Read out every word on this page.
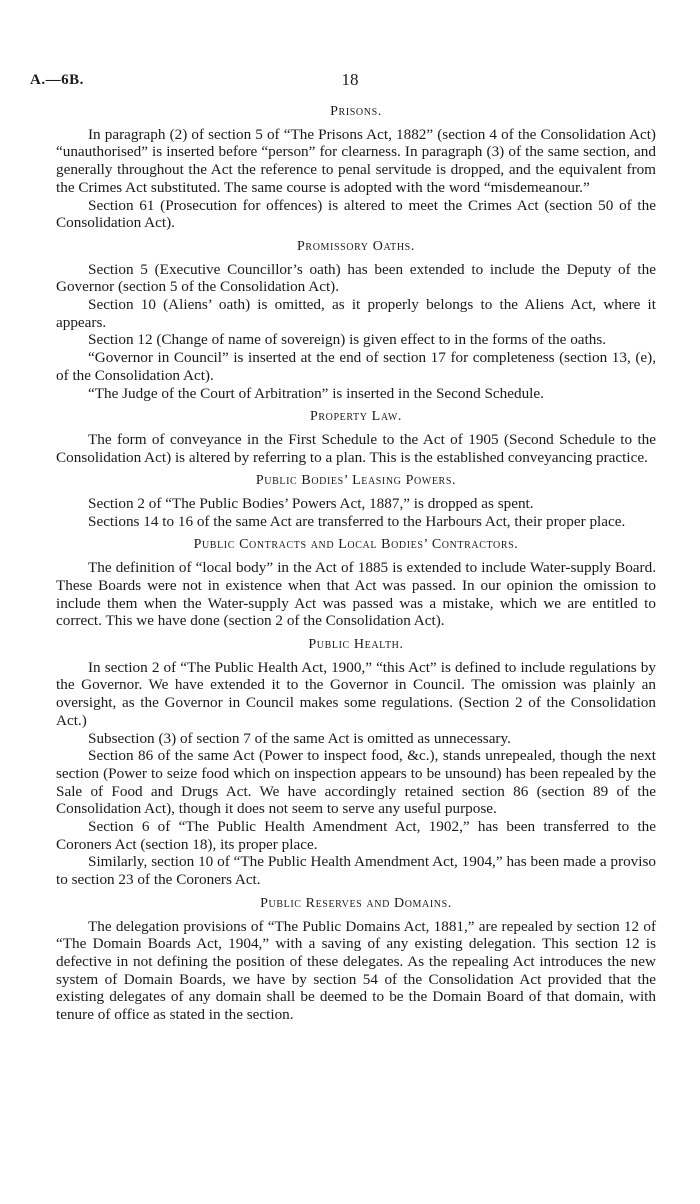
A.—6B.	18
Prisons.

In paragraph (2) of section 5 of “The Prisons Act, 1882” (section 4 of the Consolidation Act) “unauthorised” is inserted before “person” for clearness. In paragraph (3) of the same section, and generally throughout the Act the reference to penal servitude is dropped, and the equivalent from the Crimes Act substituted. The same course is adopted with the word “misdemeanour.”

Section 61 (Prosecution for offences) is altered to meet the Crimes Act (section 50 of the Consolidation Act).

Promissory Oaths.

Section 5 (Executive Councillor’s oath) has been extended to include the Deputy of the Governor (section 5 of the Consolidation Act).

Section 10 (Aliens’ oath) is omitted, as it properly belongs to the Aliens Act, where it appears.

Section 12 (Change of name of sovereign) is given effect to in the forms of the oaths.

“Governor in Council” is inserted at the end of section 17 for completeness (section 13, (e), of the Consolidation Act).

“The Judge of the Court of Arbitration” is inserted in the Second Schedule.

Property Law.

The form of conveyance in the First Schedule to the Act of 1905 (Second Schedule to the Consolidation Act) is altered by referring to a plan. This is the established conveyancing practice.

Public Bodies’ Leasing Powers.

Section 2 of “The Public Bodies’ Powers Act, 1887,” is dropped as spent.

Sections 14 to 16 of the same Act are transferred to the Harbours Act, their proper place.

Public Contracts and Local Bodies’ Contractors.

The definition of “local body” in the Act of 1885 is extended to include Water-supply Board. These Boards were not in existence when that Act was passed. In our opinion the omission to include them when the Water-supply Act was passed was a mistake, which we are entitled to correct. This we have done (section 2 of the Consolidation Act).

Public Health.

In section 2 of “The Public Health Act, 1900,” “this Act” is defined to include regulations by the Governor. We have extended it to the Governor in Council. The omission was plainly an oversight, as the Governor in Council makes some regulations. (Section 2 of the Consolidation Act.)

Subsection (3) of section 7 of the same Act is omitted as unnecessary.

Section 86 of the same Act (Power to inspect food, &c.), stands unrepealed, though the next section (Power to seize food which on inspection appears to be unsound) has been repealed by the Sale of Food and Drugs Act. We have accordingly retained section 86 (section 89 of the Consolidation Act), though it does not seem to serve any useful purpose.

Section 6 of “The Public Health Amendment Act, 1902,” has been transferred to the Coroners Act (section 18), its proper place.

Similarly, section 10 of “The Public Health Amendment Act, 1904,” has been made a proviso to section 23 of the Coroners Act.

Public Reserves and Domains.

The delegation provisions of “The Public Domains Act, 1881,” are repealed by section 12 of “The Domain Boards Act, 1904,” with a saving of any existing delegation. This section 12 is defective in not defining the position of these delegates. As the repealing Act introduces the new system of Domain Boards, we have by section 54 of the Consolidation Act provided that the existing delegates of any domain shall be deemed to be the Domain Board of that domain, with tenure of office as stated in the section.
